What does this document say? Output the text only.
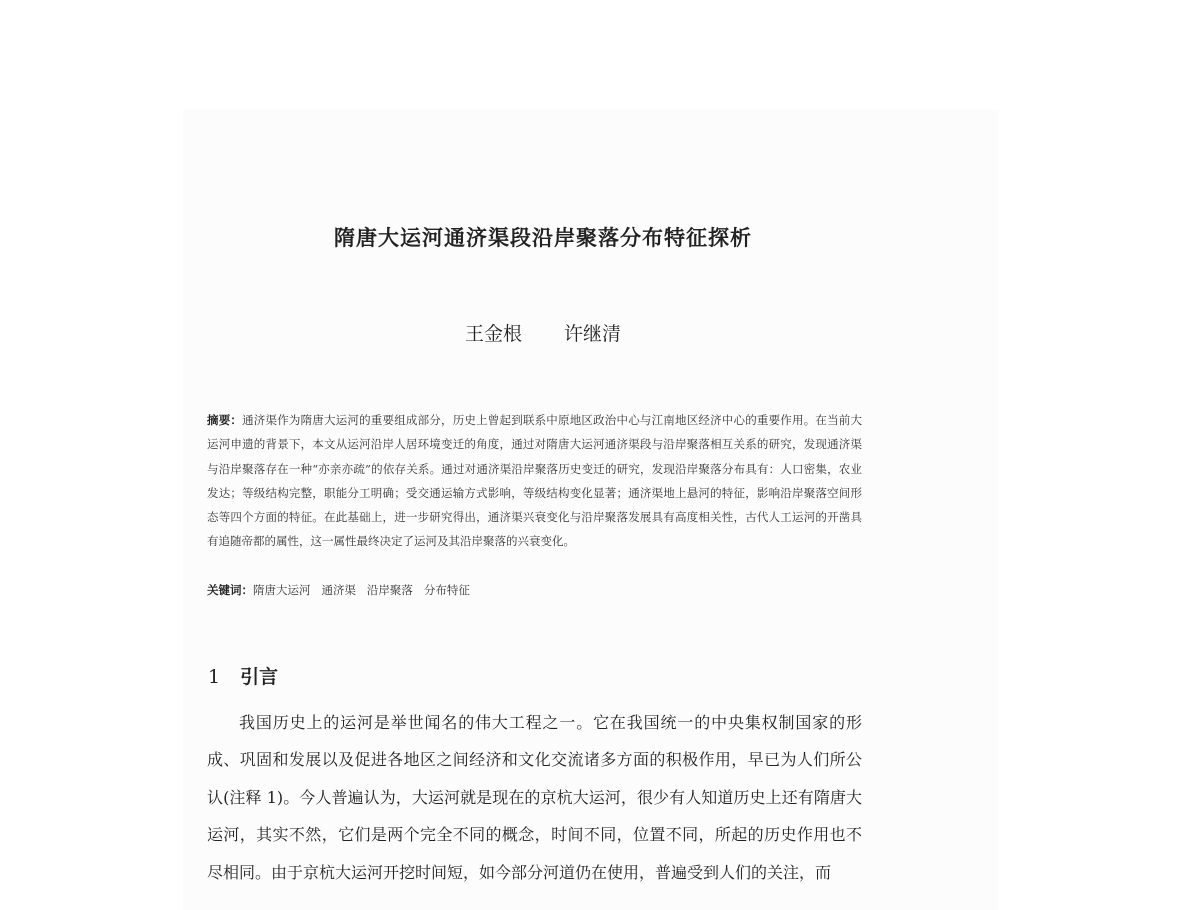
隋唐大运河通济渠段沿岸聚落分布特征探析
王金根 许继清
摘要：通济渠作为隋唐大运河的重要组成部分，历史上曾起到联系中原地区政治中心与江南地区经济中心的重要作用。在当前大运河申遗的背景下，本文从运河沿岸人居环境变迁的角度，通过对隋唐大运河通济渠段与沿岸聚落相互关系的研究，发现通济渠与沿岸聚落存在一种“亦亲亦疏”的依存关系。通过对通济渠沿岸聚落历史变迁的研究，发现沿岸聚落分布具有：人口密集，农业发达；等级结构完整，职能分工明确；受交通运输方式影响，等级结构变化显著；通济渠地上悬河的特征，影响沿岸聚落空间形态等四个方面的特征。在此基础上，进一步研究得出，通济渠兴衰变化与沿岸聚落发展具有高度相关性，古代人工运河的开凿具有追随帝都的属性，这一属性最终决定了运河及其沿岸聚落的兴衰变化。
关键词：隋唐大运河   通济渠   沿岸聚落   分布特征
1 引言
我国历史上的运河是举世闻名的伟大工程之一。它在我国统一的中央集权制国家的形成、巩固和发展以及促进各地区之间经济和文化交流诸多方面的积极作用，早已为人们所公认(注释 1)。今人普遍认为，大运河就是现在的京杭大运河，很少有人知道历史上还有隋唐大运河，其实不然，它们是两个完全不同的概念，时间不同，位置不同，所起的历史作用也不尽相同。由于京杭大运河开挖时间短，如今部分河道仍在使用，普遍受到人们的关注，而
